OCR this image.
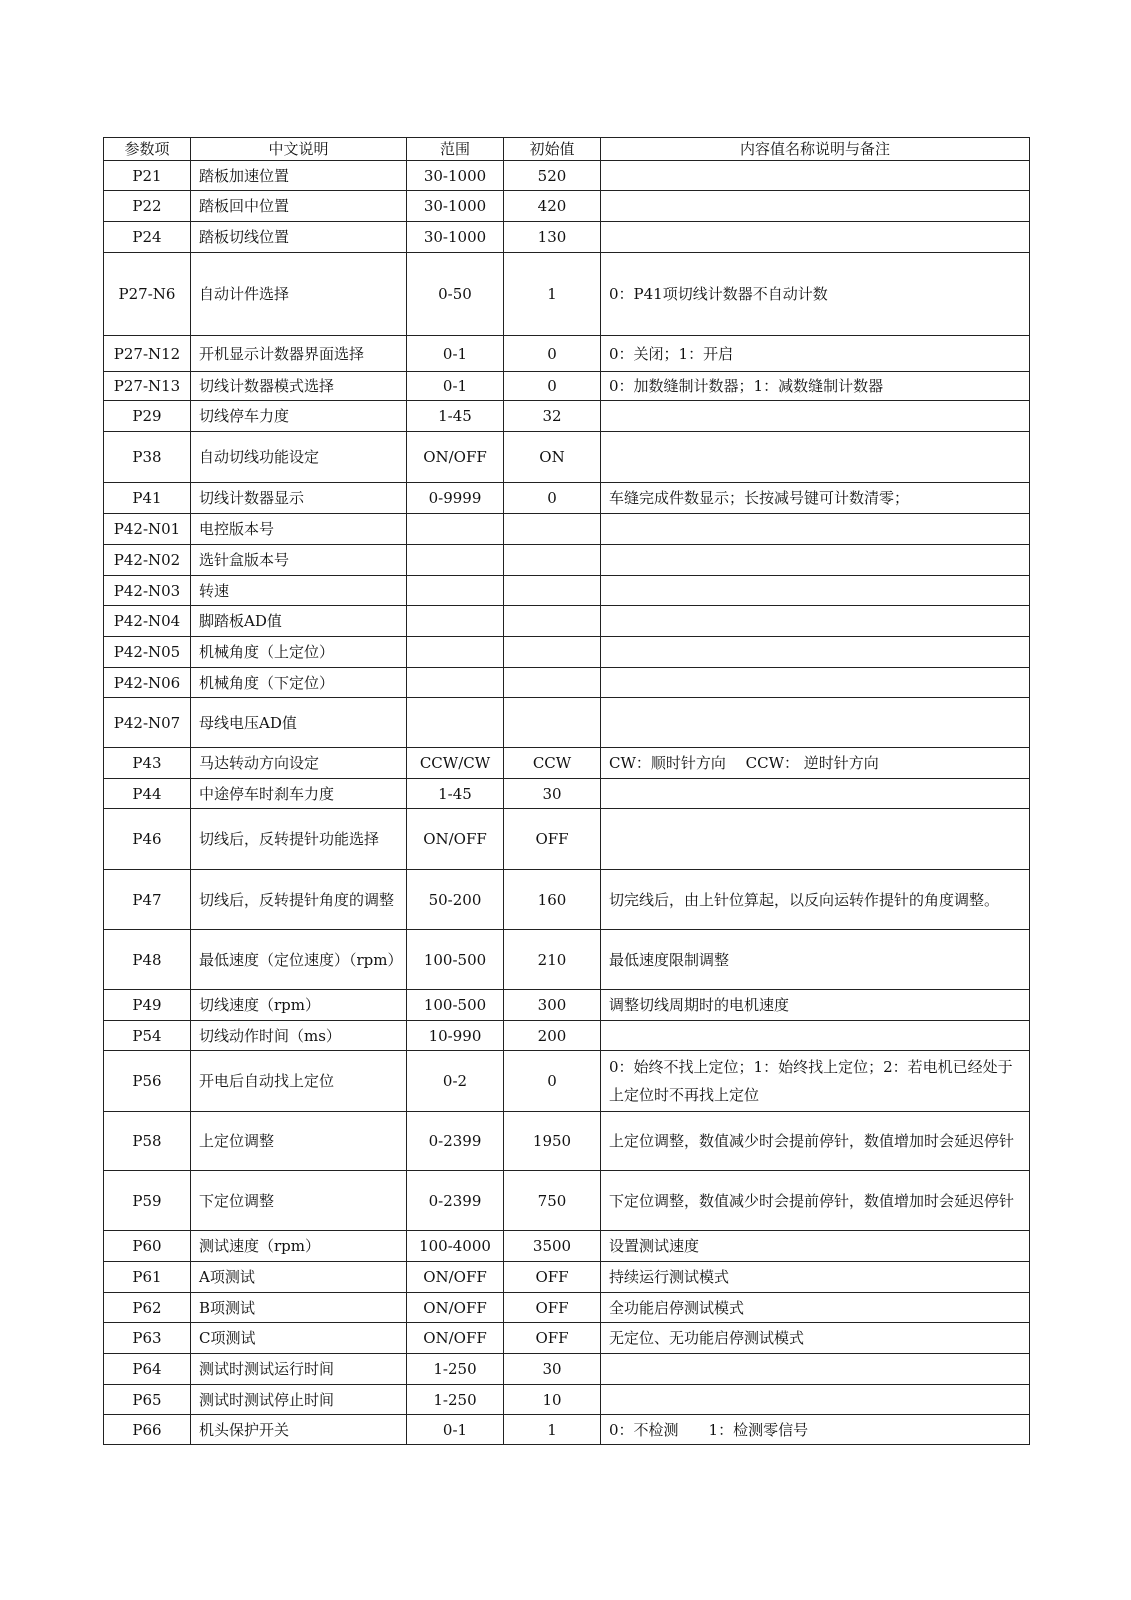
参数项	中文说明	范围	初始值	内容值名称说明与备注
P21	踏板加速位置	30-1000	520	

P22	踏板回中位置	30-1000	420	

P24	踏板切线位置	30-1000	130	

P27-N6	自动计件选择	0-50	1	0：P41项切线计数器不自动计数

P27-N12	开机显示计数器界面选择	0-1	0	0：关闭；1：开启

P27-N13	切线计数器模式选择	0-1	0	0：加数缝制计数器；1：减数缝制计数器

P29	切线停车力度	1-45	32	

P38	自动切线功能设定	ON/OFF	ON	

P41	切线计数器显示	0-9999	0	车缝完成件数显示；长按减号键可计数清零；

P42-N01	电控版本号			

P42-N02	选针盒版本号			

P42-N03	转速			

P42-N04	脚踏板AD值			

P42-N05	机械角度（上定位）			

P42-N06	机械角度（下定位）			

P42-N07	母线电压AD值			

P43	马达转动方向设定	CCW/CW	CCW	CW：顺时针方向　 CCW： 逆时针方向

P44	中途停车时刹车力度	1-45	30	

P46	切线后，反转提针功能选择	ON/OFF	OFF	

P47	切线后，反转提针角度的调整	50-200	160	切完线后，由上针位算起，以反向运转作提针的角度调整。

P48	最低速度（定位速度）（rpm）	100-500	210	最低速度限制调整

P49	切线速度（rpm）	100-500	300	调整切线周期时的电机速度

P54	切线动作时间（ms）	10-990	200	

P56	开电后自动找上定位	0-2	0	0：始终不找上定位；1：始终找上定位；2：若电机已经处于上定位时不再找上定位

P58	上定位调整	0-2399	1950	上定位调整，数值减少时会提前停针，数值增加时会延迟停针

P59	下定位调整	0-2399	750	下定位调整，数值减少时会提前停针，数值增加时会延迟停针

P60	测试速度（rpm）	100-4000	3500	设置测试速度

P61	A项测试	ON/OFF	OFF	持续运行测试模式

P62	B项测试	ON/OFF	OFF	全功能启停测试模式

P63	C项测试	ON/OFF	OFF	无定位、无功能启停测试模式

P64	测试时测试运行时间	1-250	30	

P65	测试时测试停止时间	1-250	10	

P66	机头保护开关	0-1	1	0：不检测　　1：检测零信号
